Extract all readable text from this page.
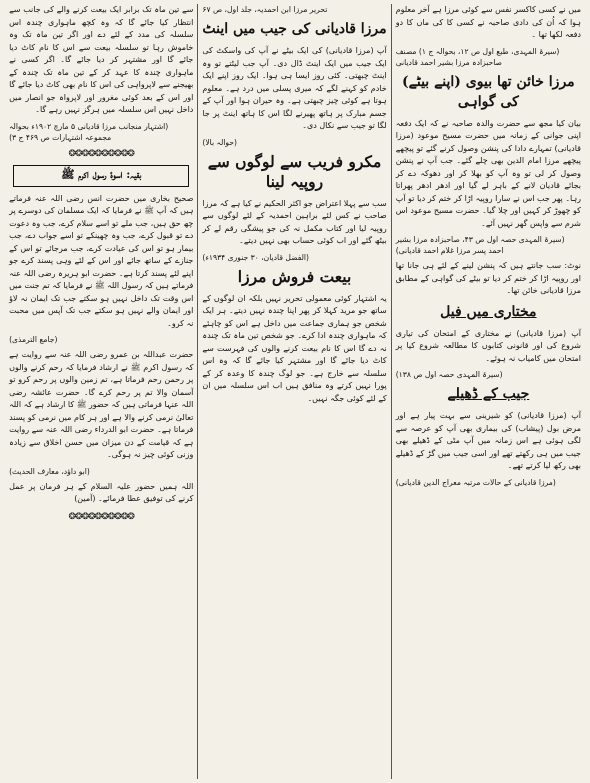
میں نے کسی کاکسر نفس سے کوئی مرزا ہے آخر معلوم ہوا کہ اُن کی دادی صاحبہ نے کسی کا کی ماں کا دو دفعہ لکھا تھا ۔

(سیرۃ المہدی، طبع اول ص ۱۲، بحوالہ ج ۱) مصنف صاحبزادہ مرزا بشیر احمد قادیانی

مرزا خائن تھا بیوی (اپنے بیٹے) کی گواہی

بیان کیا مجھ سے حضرت والدہ صاحبہ نے کہ ایک دفعہ اپنی جوانی کے زمانہ میں حضرت مسیح موعود (مرزا قادیانی) تمہارے دادا کی پنشن وصول کرنے گئے تو پیچھے پیچھے مرزا امام الدین بھی چلے گئے۔ جب آپ نے پنشن وصول کر لی تو وہ آپ کو بھلا کر اور دھوکہ دے کر بجائے قادیان لانے کے باہر لے گیا اور ادھر ادھر پھراتا رہا۔ پھر جب اس نے سارا روپیہ اڑا کر ختم کر دیا تو آپ کو چھوڑ کر کہیں اور چلا گیا۔ حضرت مسیح موعود اس شرم سے واپس گھر نہیں آئے۔

(سیرۃ المہدی حصہ اول ص ۴۳، صاحبزادہ مرزا بشیر احمد پسر مرزا غلام احمد قادیانی)

نوٹ: سب جانتے ہیں کہ پنشن لینے کے لئے ہی جانا تھا اور روپیہ اڑا کر ختم کر دیا تو بیٹے کی گواہی کے مطابق مرزا قادیانی خائن تھا۔

مختاری میں فیل

آپ (مرزا قادیانی) نے مختاری کے امتحان کی تیاری شروع کی اور قانونی کتابوں کا مطالعہ شروع کیا پر امتحان میں کامیاب نہ ہوئے۔

(سیرۃ المہدی حصہ اول ص ۱۳۸)

جیب کے ڈھیلے

آپ (مرزا قادیانی) کو شیرینی سے بہت پیار ہے اور مرض بول (پیشاب) کی بیماری بھی آپ کو عرصہ سے لگی ہوئی ہے اس زمانہ میں آپ مٹی کے ڈھیلے بھی جیب میں ہی رکھتے تھے اور اسی جیب میں گڑ کے ڈھیلے بھی رکھ لیا کرتے تھے۔

(مرزا قادیانی کے حالات مرتبہ معراج الدین قادیانی)

تحریر مرزا ابن احمدیہ، جلد اول، ص ۶۷

مرزا قادیانی کی جیب میں اینٹ

آپ (مرزا قادیانی) کی ایک بیٹے نے آپ کی واسکٹ کی ایک جیب میں ایک اینٹ ڈال دی۔ آپ جب لیٹتے تو وہ اینٹ چبھتی۔ کئی روز ایسا ہی ہوا۔ ایک روز اپنے ایک خادم کو کہنے لگے کہ میری پسلی میں درد ہے۔ معلوم ہوتا ہے کوئی چیز چبھتی ہے۔ وہ حیران ہوا اور آپ کے جسم مبارک پر ہاتھ پھیرنے لگا اس کا ہاتھ اینٹ پر جا لگا تو جیب سے نکال دی۔

(حوالہ بالا)

مکرو فریب سے لوگوں سے روپیہ لینا

سب سے پہلا اعتراض جو اکثر الحکیم نے کیا ہے کہ مرزا صاحب نے کس لئے براہین احمدیہ کے لئے لوگوں سے روپیہ لیا اور کتاب مکمل نہ کی جو پیشگی رقم لے کر بیٹھ گئے اور اب کوئی حساب بھی نہیں دیتے۔

(الفضل قادیان، ۳۰ جنوری ۱۹۳۴ء)

بیعت فروش مرزا

یہ اشتہار کوئی معمولی تحریر نہیں بلکہ ان لوگوں کے ساتھ جو مرید کہلا کر پھر اپنا چندہ نہیں دیتے۔ ہر ایک شخص جو ہماری جماعت میں داخل ہے اس کو چاہئے کہ ماہواری چندہ ادا کرے۔ جو شخص تین ماہ تک چندہ نہ دے گا اس کا نام بیعت کرنے والوں کی فہرست سے کاٹ دیا جائے گا اور مشتہر کیا جائے گا کہ وہ اس سلسلہ سے خارج ہے۔ جو لوگ چندہ کا وعدہ کر کے پورا نہیں کرتے وہ منافق ہیں اب اس سلسلہ میں ان کے لئے کوئی جگہ نہیں۔

سے تین ماہ تک برابر ایک بیعت کرنے والے کی جانب سے انتظار کیا جائے گا کہ وہ کچھ ماہواری چندہ اس سلسلہ کی مدد کے لئے دے اور اگر تین ماہ تک وہ خاموش رہا تو سلسلہ بیعت سے اس کا نام کاٹ دیا جائے گا اور مشتہر کر دیا جائے گا۔ اگر کسی نے ماہواری چندہ کا عہد کر کے تین ماہ تک چندہ کے بھیجنے سے لاپرواہی کی اس کا نام بھی کاٹ دیا جائے گا اور اس کے بعد کوئی مغرور اور لاپرواہ جو انصار میں داخل نہیں اس سلسلہ میں ہرگز نہیں رہے گا۔

(اشتہار منجانب مرزا قادیانی ۵ مارچ ۱۹۰۲ء بحوالہ مجموعہ اشتہارات ص ۴۶۹ ج ۳)

❂❂❂❂❂❂❂❂❂❂
بقیہ: اسوۂ رسول اکرم ﷺ

صحیح بخاری میں حضرت انس رضی اللہ عنہ فرماتے ہیں کہ آپ ﷺ نے فرمایا کہ ایک مسلمان کی دوسرے پر چھ حق ہیں، جب ملے تو اسے سلام کرے، جب وہ دعوت دے تو قبول کرے، جب وہ چھینکے تو اسے جواب دے، جب بیمار ہو تو اس کی عیادت کرے، جب مرجائے تو اس کے جنازے کے ساتھ جائے اور اس کے لئے وہی پسند کرے جو اپنے لئے پسند کرتا ہے۔ حضرت ابو ہریرہ رضی اللہ عنہ فرماتے ہیں کہ رسول اللہ ﷺ نے فرمایا کہ تم جنت میں اس وقت تک داخل نہیں ہو سکتے جب تک ایمان نہ لاؤ اور ایمان والے نہیں ہو سکتے جب تک آپس میں محبت نہ کرو۔

(جامع الترمذی)

حضرت عبداللہ بن عمرو رضی اللہ عنہ سے روایت ہے کہ رسول اکرم ﷺ نے ارشاد فرمایا کہ رحم کرنے والوں پر رحمن رحم فرماتا ہے، تم زمین والوں پر رحم کرو تو آسمان والا تم پر رحم کرے گا۔ حضرت عائشہ رضی اللہ عنہا فرماتی ہیں کہ حضور ﷺ کا ارشاد ہے کہ اللہ تعالیٰ نرمی کرنے والا ہے اور ہر کام میں نرمی کو پسند فرماتا ہے۔ حضرت ابو الدرداء رضی اللہ عنہ سے روایت ہے کہ قیامت کے دن میزان میں حسن اخلاق سے زیادہ وزنی کوئی چیز نہ ہوگی۔

(ابو داؤد، معارف الحدیث)

اللہ ہمیں حضور علیہ السلام کے ہر فرمان پر عمل کرنے کی توفیق عطا فرمائے۔ (آمین)

❂❂❂❂❂❂❂❂❂❂
